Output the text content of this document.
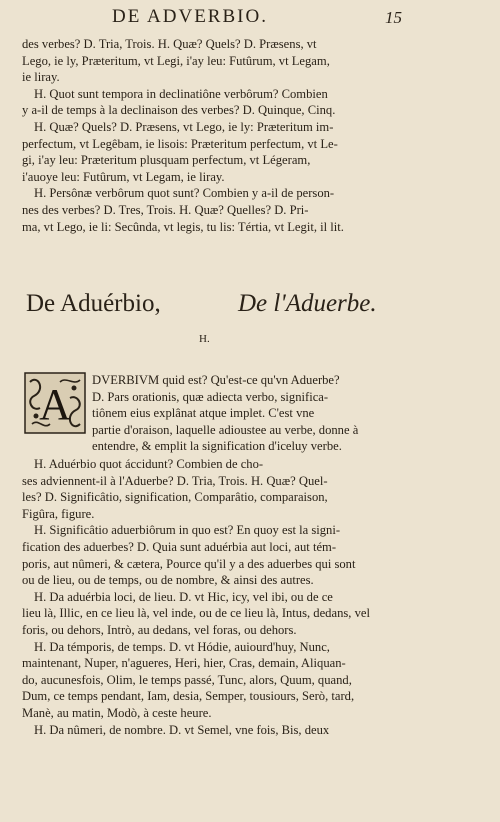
DE ADVERBIO.	15
des verbes? D. Tria, Trois. H. Quæ? Quels? D. Præsens, vt
Lego, ie ly, Præteritum, vt Legi, i'ay leu: Futûrum, vt Legam,
ie liray.
H. Quot sunt tempora in declinatiône verbôrum? Combien
y a-il de temps à la declinaison des verbes? D. Quinque, Cinq.
H. Quæ? Quels? D. Præsens, vt Lego, ie ly: Præteritum im-
perfectum, vt Legêbam, ie lisois: Præteritum perfectum, vt Le-
gi, i'ay leu: Præteritum plusquam perfectum, vt Légeram,
i'auoye leu: Futûrum, vt Legam, ie liray.
H. Persônæ verbôrum quot sunt? Combien y a-il de person-
nes des verbes? D. Tres, Trois. H. Quæ? Quelles? D. Pri-
ma, vt Lego, ie li: Secûnda, vt legis, tu lis: Tértia, vt Legit, il lit.
De Aduérbio,	De l'Aduerbe.
H.
A DVERBIVM quid est? Qu'est-ce qu'vn Aduerbe?
D. Pars orationis, quæ adiecta verbo, significa-
tiônem eius explânat atque implet. C'est vne
partie d'oraison, laquelle adioustee au verbe, donne à
entendre, & emplit la signification d'iceluy verbe.
H. Aduérbio quot áccidunt? Combien de cho-
ses adviennent-il à l'Aduerbe? D. Tria, Trois. H. Quæ? Quel-
les? D. Significâtio, signification, Comparâtio, comparaison,
Figûra, figure.
H. Significâtio aduerbiôrum in quo est? En quoy est la signi-
fication des aduerbes? D. Quia sunt aduérbia aut loci, aut tém-
poris, aut nûmeri, & cætera, Pource qu'il y a des aduerbes qui sont
ou de lieu, ou de temps, ou de nombre, & ainsi des autres.
H. Da aduérbia loci, de lieu. D. vt Hic, icy, vel ibi, ou de ce
lieu là, Illic, en ce lieu là, vel inde, ou de ce lieu là, Intus, dedans, vel
foris, ou dehors, Intrò, au dedans, vel foras, ou dehors.
H. Da témporis, de temps. D. vt Hódie, auiourd'huy, Nunc,
maintenant, Nuper, n'agueres, Heri, hier, Cras, demain, Aliquan-
do, aucunesfois, Olim, le temps passé, Tunc, alors, Quum, quand,
Dum, ce temps pendant, Iam, desia, Semper, tousiours, Serò, tard,
Manè, au matin, Modò, à ceste heure.
H. Da nûmeri, de nombre. D. vt Semel, vne fois, Bis, deux
